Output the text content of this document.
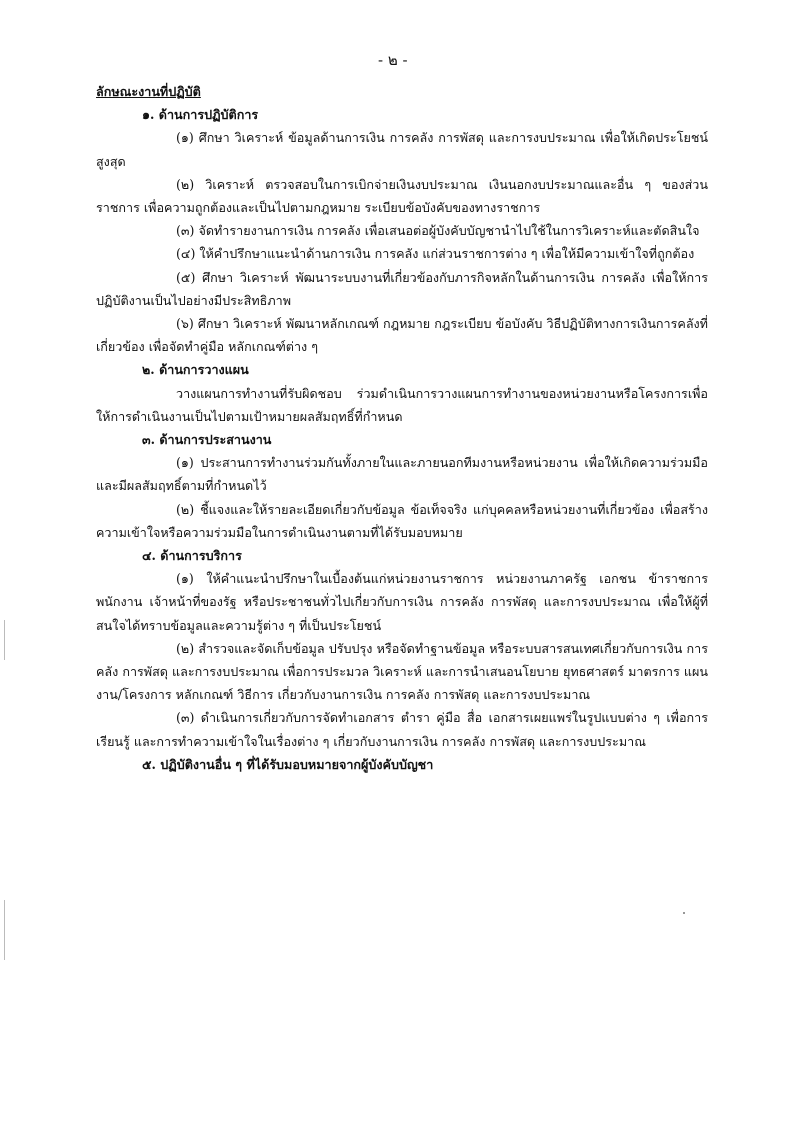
- ๒ -

ลักษณะงานที่ปฏิบัติ

๑. ด้านการปฏิบัติการ

(๑) ศึกษา วิเคราะห์ ข้อมูลด้านการเงิน การคลัง การพัสดุ และการงบประมาณ เพื่อให้เกิดประโยชน์สูงสุด

(๒) วิเคราะห์ ตรวจสอบในการเบิกจ่ายเงินงบประมาณ เงินนอกงบประมาณและอื่น ๆ ของส่วนราชการ เพื่อความถูกต้องและเป็นไปตามกฎหมาย ระเบียบข้อบังคับของทางราชการ

(๓) จัดทำรายงานการเงิน การคลัง เพื่อเสนอต่อผู้บังคับบัญชานำไปใช้ในการวิเคราะห์และตัดสินใจ

(๔) ให้คำปรึกษาแนะนำด้านการเงิน การคลัง แก่ส่วนราชการต่าง ๆ เพื่อให้มีความเข้าใจที่ถูกต้อง

(๕) ศึกษา วิเคราะห์ พัฒนาระบบงานที่เกี่ยวข้องกับภารกิจหลักในด้านการเงิน การคลัง เพื่อให้การปฏิบัติงานเป็นไปอย่างมีประสิทธิภาพ

(๖) ศึกษา วิเคราะห์ พัฒนาหลักเกณฑ์ กฎหมาย กฎระเบียบ ข้อบังคับ วิธีปฏิบัติทางการเงินการคลังที่เกี่ยวข้อง เพื่อจัดทำคู่มือ หลักเกณฑ์ต่าง ๆ

๒. ด้านการวางแผน

วางแผนการทำงานที่รับผิดชอบ ร่วมดำเนินการวางแผนการทำงานของหน่วยงานหรือโครงการเพื่อให้การดำเนินงานเป็นไปตามเป้าหมายผลสัมฤทธิ์ที่กำหนด

๓. ด้านการประสานงาน

(๑) ประสานการทำงานร่วมกันทั้งภายในและภายนอกทีมงานหรือหน่วยงาน เพื่อให้เกิดความร่วมมือและมีผลสัมฤทธิ์ตามที่กำหนดไว้

(๒) ชี้แจงและให้รายละเอียดเกี่ยวกับข้อมูล ข้อเท็จจริง แก่บุคคลหรือหน่วยงานที่เกี่ยวข้อง เพื่อสร้างความเข้าใจหรือความร่วมมือในการดำเนินงานตามที่ได้รับมอบหมาย

๔. ด้านการบริการ

(๑) ให้คำแนะนำปรึกษาในเบื้องต้นแก่หน่วยงานราชการ หน่วยงานภาครัฐ เอกชน ข้าราชการ พนักงาน เจ้าหน้าที่ของรัฐ หรือประชาชนทั่วไปเกี่ยวกับการเงิน การคลัง การพัสดุ และการงบประมาณ เพื่อให้ผู้ที่สนใจได้ทราบข้อมูลและความรู้ต่าง ๆ ที่เป็นประโยชน์

(๒) สำรวจและจัดเก็บข้อมูล ปรับปรุง หรือจัดทำฐานข้อมูล หรือระบบสารสนเทศเกี่ยวกับการเงิน การคลัง การพัสดุ และการงบประมาณ เพื่อการประมวล วิเคราะห์ และการนำเสนอนโยบาย ยุทธศาสตร์ มาตรการ แผนงาน/โครงการ หลักเกณฑ์ วิธีการ เกี่ยวกับงานการเงิน การคลัง การพัสดุ และการงบประมาณ

(๓) ดำเนินการเกี่ยวกับการจัดทำเอกสาร ตำรา คู่มือ สื่อ เอกสารเผยแพร่ในรูปแบบต่าง ๆ เพื่อการเรียนรู้ และการทำความเข้าใจในเรื่องต่าง ๆ เกี่ยวกับงานการเงิน การคลัง การพัสดุ และการงบประมาณ

๕. ปฏิบัติงานอื่น ๆ ที่ได้รับมอบหมายจากผู้บังคับบัญชา
